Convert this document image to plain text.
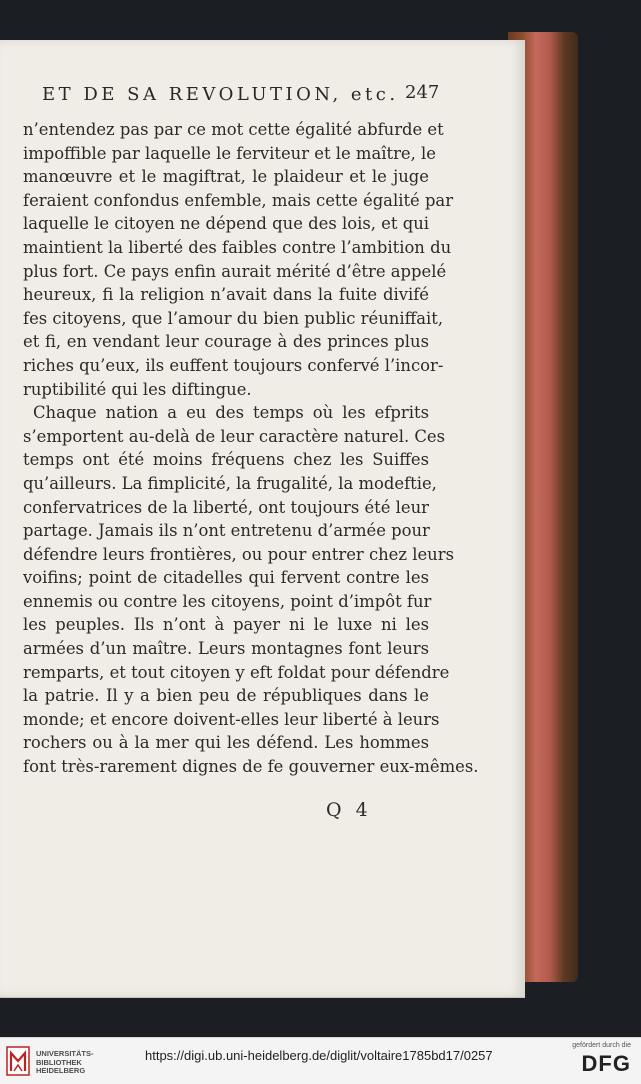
ET DE SA REVOLUTION, etc. 247
n’entendez pas par ce mot cette égalité abfurde et
impoffible par laquelle le ferviteur et le maître, le
manœuvre et le magiftrat, le plaideur et le juge
feraient confondus enfemble, mais cette égalité par
laquelle le citoyen ne dépend que des lois, et qui
maintient la liberté des faibles contre l’ambition du
plus fort. Ce pays enfin aurait mérité d’être appelé
heureux, fi la religion n’avait dans la fuite divifé
fes citoyens, que l’amour du bien public réuniffait,
et fi, en vendant leur courage à des princes plus
riches qu’eux, ils euffent toujours confervé l’incor-
ruptibilité qui les diftingue.
Chaque nation a eu des temps où les efprits
s’emportent au-delà de leur caractère naturel. Ces
temps ont été moins fréquens chez les Suiffes
qu’ailleurs. La fimplicité, la frugalité, la modeftie,
confervatrices de la liberté, ont toujours été leur
partage. Jamais ils n’ont entretenu d’armée pour
défendre leurs frontières, ou pour entrer chez leurs
voifins; point de citadelles qui fervent contre les
ennemis ou contre les citoyens, point d’impôt fur
les peuples. Ils n’ont à payer ni le luxe ni les
armées d’un maître. Leurs montagnes font leurs
remparts, et tout citoyen y eft foldat pour défendre
la patrie. Il y a bien peu de républiques dans le
monde; et encore doivent-elles leur liberté à leurs
rochers ou à la mer qui les défend. Les hommes
font très-rarement dignes de fe gouverner eux-mêmes.
Q 4
UNIVERSITÄTS-
BIBLIOTHEK
HEIDELBERG
https://digi.ub.uni-heidelberg.de/diglit/voltaire1785bd17/0257
gefördert durch die
DFG
